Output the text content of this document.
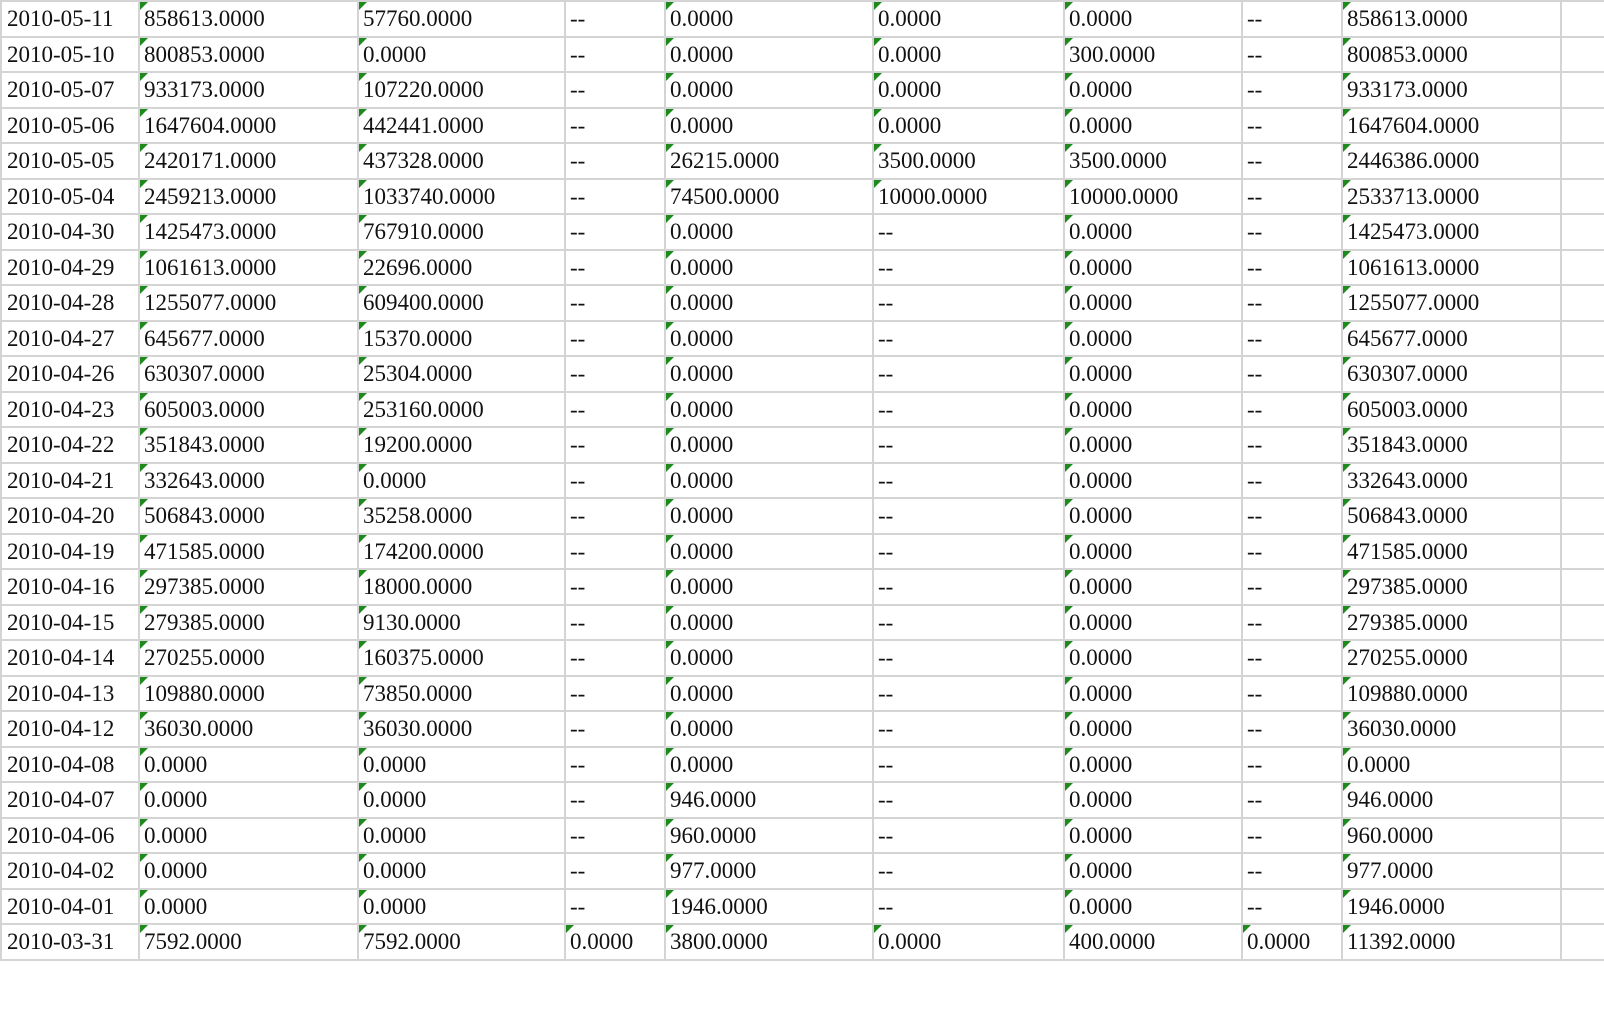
2010-05-11	858613.0000	57760.0000	--	0.0000	0.0000	0.0000	--	858613.0000	
2010-05-10	800853.0000	0.0000	--	0.0000	0.0000	300.0000	--	800853.0000	
2010-05-07	933173.0000	107220.0000	--	0.0000	0.0000	0.0000	--	933173.0000	
2010-05-06	1647604.0000	442441.0000	--	0.0000	0.0000	0.0000	--	1647604.0000	
2010-05-05	2420171.0000	437328.0000	--	26215.0000	3500.0000	3500.0000	--	2446386.0000	
2010-05-04	2459213.0000	1033740.0000	--	74500.0000	10000.0000	10000.0000	--	2533713.0000	
2010-04-30	1425473.0000	767910.0000	--	0.0000	--	0.0000	--	1425473.0000	
2010-04-29	1061613.0000	22696.0000	--	0.0000	--	0.0000	--	1061613.0000	
2010-04-28	1255077.0000	609400.0000	--	0.0000	--	0.0000	--	1255077.0000	
2010-04-27	645677.0000	15370.0000	--	0.0000	--	0.0000	--	645677.0000	
2010-04-26	630307.0000	25304.0000	--	0.0000	--	0.0000	--	630307.0000	
2010-04-23	605003.0000	253160.0000	--	0.0000	--	0.0000	--	605003.0000	
2010-04-22	351843.0000	19200.0000	--	0.0000	--	0.0000	--	351843.0000	
2010-04-21	332643.0000	0.0000	--	0.0000	--	0.0000	--	332643.0000	
2010-04-20	506843.0000	35258.0000	--	0.0000	--	0.0000	--	506843.0000	
2010-04-19	471585.0000	174200.0000	--	0.0000	--	0.0000	--	471585.0000	
2010-04-16	297385.0000	18000.0000	--	0.0000	--	0.0000	--	297385.0000	
2010-04-15	279385.0000	9130.0000	--	0.0000	--	0.0000	--	279385.0000	
2010-04-14	270255.0000	160375.0000	--	0.0000	--	0.0000	--	270255.0000	
2010-04-13	109880.0000	73850.0000	--	0.0000	--	0.0000	--	109880.0000	
2010-04-12	36030.0000	36030.0000	--	0.0000	--	0.0000	--	36030.0000	
2010-04-08	0.0000	0.0000	--	0.0000	--	0.0000	--	0.0000	
2010-04-07	0.0000	0.0000	--	946.0000	--	0.0000	--	946.0000	
2010-04-06	0.0000	0.0000	--	960.0000	--	0.0000	--	960.0000	
2010-04-02	0.0000	0.0000	--	977.0000	--	0.0000	--	977.0000	
2010-04-01	0.0000	0.0000	--	1946.0000	--	0.0000	--	1946.0000	
2010-03-31	7592.0000	7592.0000	0.0000	3800.0000	0.0000	400.0000	0.0000	11392.0000	
